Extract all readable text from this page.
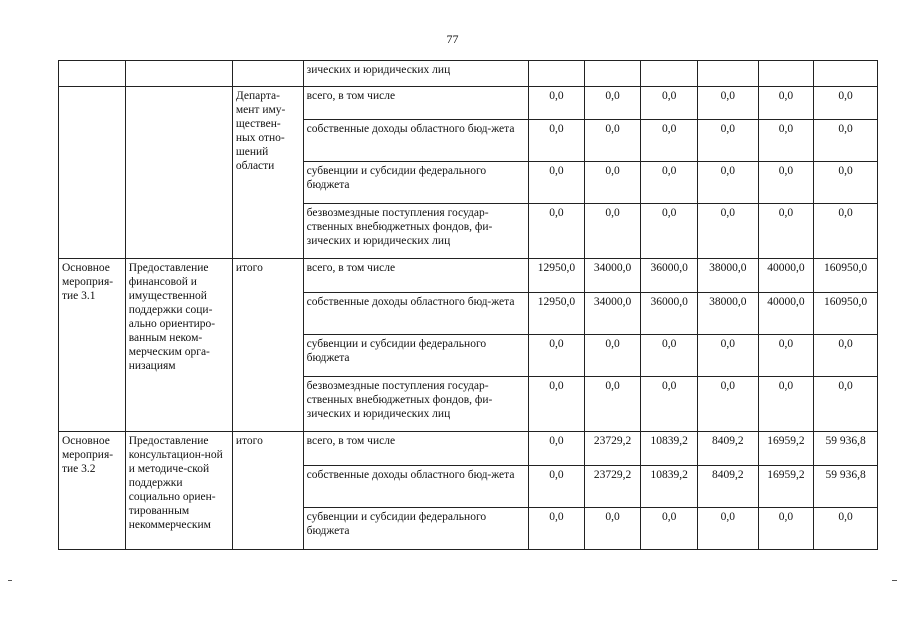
77
			зических и юридических лиц						
		Департа-мент иму-ществен-ных отно-шений области	всего, в том числе	0,0	0,0	0,0	0,0	0,0	0,0
			собственные доходы областного бюд-жета	0,0	0,0	0,0	0,0	0,0	0,0
			субвенции и субсидии федерального бюджета	0,0	0,0	0,0	0,0	0,0	0,0
			безвозмездные поступления государ-ственных внебюджетных фондов, фи-зических и юридических лиц	0,0	0,0	0,0	0,0	0,0	0,0
Основное мероприя-тие 3.1	Предоставление финансовой и имущественной поддержки соци-ально ориентиро-ванным неком-мерческим орга-низациям	итого	всего, в том числе	12950,0	34000,0	36000,0	38000,0	40000,0	160950,0
			собственные доходы областного бюд-жета	12950,0	34000,0	36000,0	38000,0	40000,0	160950,0
			субвенции и субсидии федерального бюджета	0,0	0,0	0,0	0,0	0,0	0,0
			безвозмездные поступления государ-ственных внебюджетных фондов, фи-зических и юридических лиц	0,0	0,0	0,0	0,0	0,0	0,0
Основное мероприя-тие 3.2	Предоставление консультацион-ной и методиче-ской поддержки социально ориен-тированным некоммерческим	итого	всего, в том числе	0,0	23729,2	10839,2	8409,2	16959,2	59 936,8
			собственные доходы областного бюд-жета	0,0	23729,2	10839,2	8409,2	16959,2	59 936,8
			субвенции и субсидии федерального бюджета	0,0	0,0	0,0	0,0	0,0	0,0
